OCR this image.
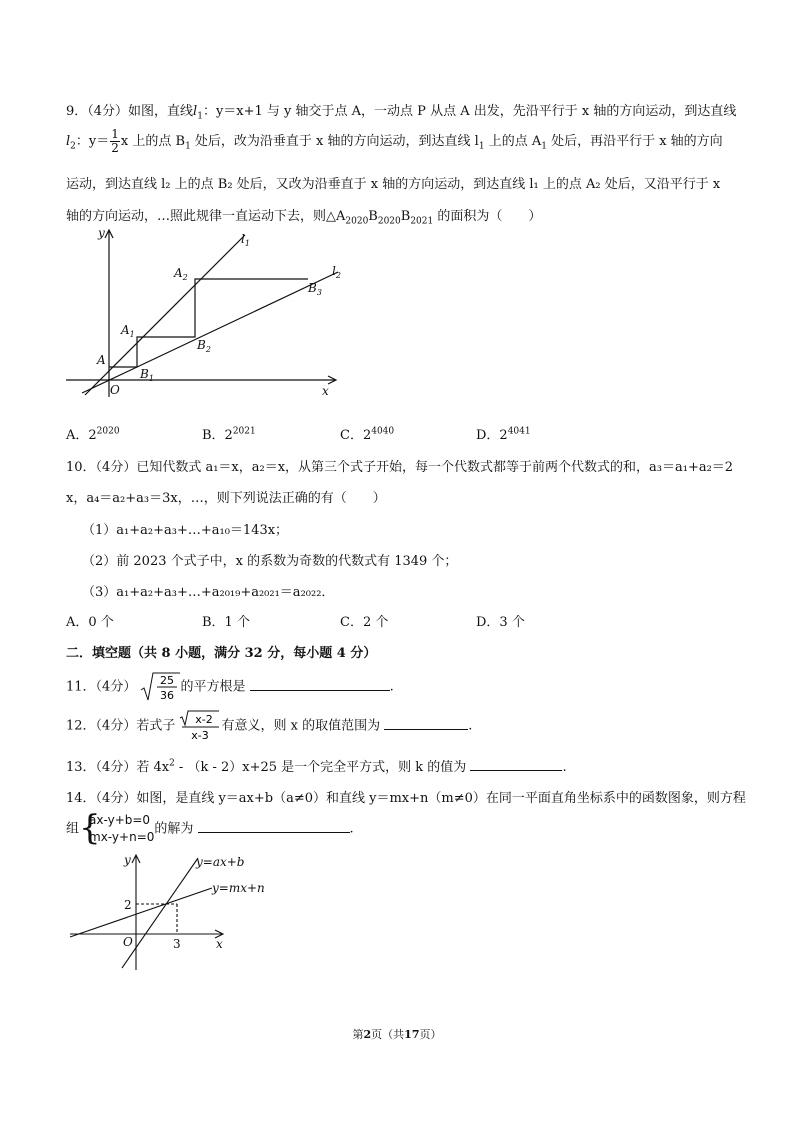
9．（4分）如图，直线$l_1$：y＝x+1 与 y 轴交于点 A，一动点 P 从点 A 出发，先沿平行于 x 轴的方向运动，到达直线
$l_2$：$y= \frac{1}{2}$ x 上的点 $B_1$ 处后，改为沿垂直于 x 轴的方向运动，到达直线 $l_1$ 上的点 $A_1$ 处后，再沿平行于 x 轴的方向
运动，到达直线 l₂ 上的点 B₂ 处后，又改为沿垂直于 x 轴的方向运动，到达直线 l₁ 上的点 A₂ 处后，又沿平行于 x
轴的方向运动，…照此规律一直运动下去，则$\triangle A_{2020}B_{2020}B_{2021}$ 的面积为（　　）
y
x
O
A
$A_1$
$A_2$
$B_1$
$B_2$
$B_3$
$l_1$
$l_2$
A．$2^{2020}$	B．$2^{2021}$	C．$2^{4040}$	D．$2^{4041}$
10．（4分）已知代数式 a₁＝x，a₂＝x，从第三个式子开始，每一个代数式都等于前两个代数式的和，a₃＝a₁+a₂＝2
x，a₄＝a₂+a₃＝3x，…，则下列说法正确的有（　　）
（1）a₁+a₂+a₃+…+a₁₀＝143x；
（2）前 2023 个式子中，x 的系数为奇数的代数式有 1349 个；
（3）a₁+a₂+a₃+…+a₂₀₁₉+a₂₀₂₁＝a₂₀₂₂．
A．0 个	B．1 个	C．2 个	D．3 个
二．填空题（共 8 小题，满分 32 分，每小题 4 分）
11．（4分） 25
36
的平方根是	.
12．（4分）若式子 x-2
x-3
有意义，则 x 的取值范围为	.
13．（4分）若 $4x^2 - (k - 2)x+25$ 是一个完全平方式，则 k 的值为	.
14．（4分）如图，是直线 y＝ax+b（a≠0）和直线 y＝mx+n（m≠0）在同一平面直角坐标系中的函数图象，则方程
组 {
ax-y+b=0
mx-y+n=0
的解为	.
y
x
O
2
3
y=ax+b
y=mx+n
第2页（共17页）
